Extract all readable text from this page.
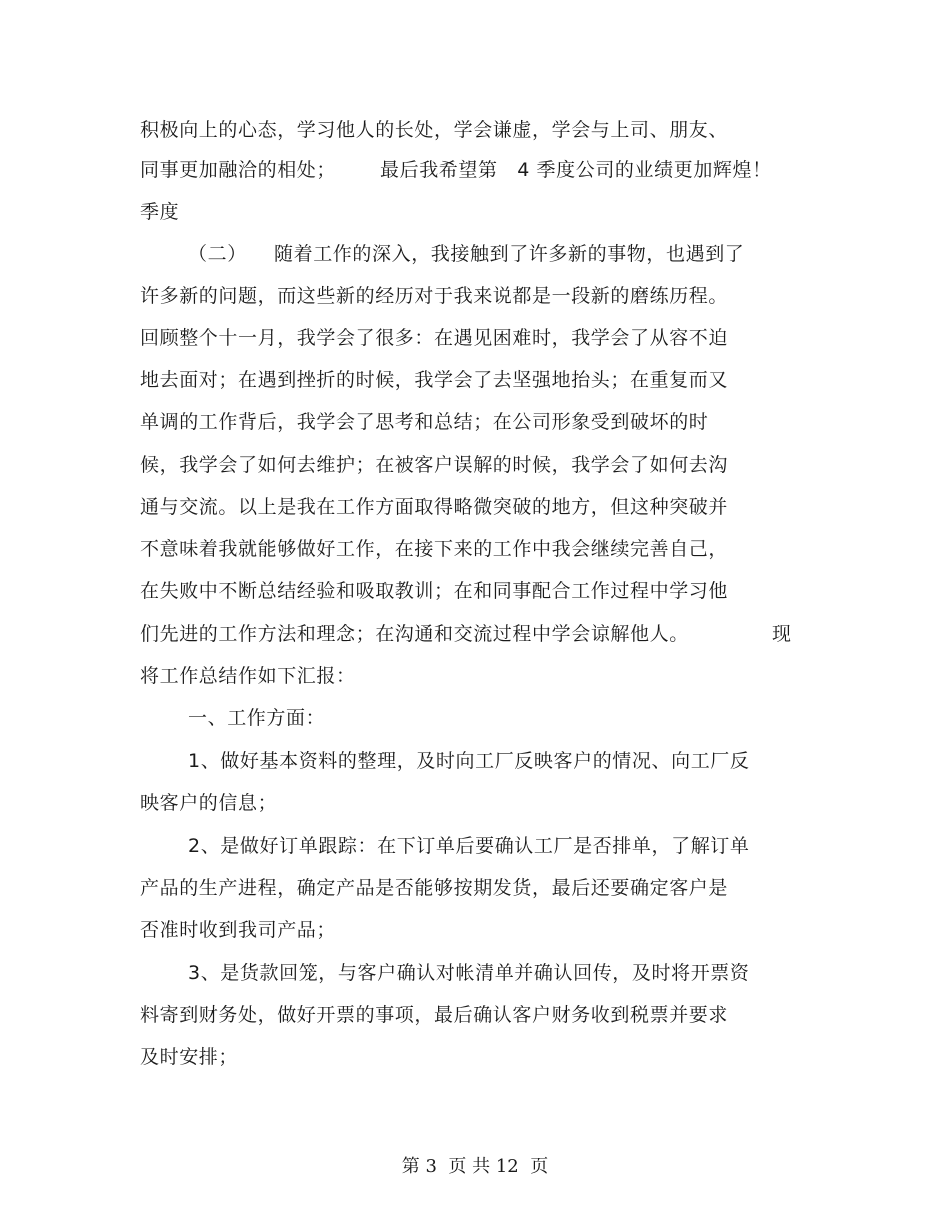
积极向上的心态，学习他人的长处，学会谦虚，学会与上司、朋友、
同事更加融洽的相处； 最后我希望第　4 季度公司的业绩更加辉煌！
季度
（二） 随着工作的深入，我接触到了许多新的事物，也遇到了
许多新的问题，而这些新的经历对于我来说都是一段新的磨练历程。
回顾整个十一月，我学会了很多：在遇见困难时，我学会了从容不迫
地去面对；在遇到挫折的时候，我学会了去坚强地抬头；在重复而又
单调的工作背后，我学会了思考和总结；在公司形象受到破坏的时
候，我学会了如何去维护；在被客户误解的时候，我学会了如何去沟
通与交流。以上是我在工作方面取得略微突破的地方，但这种突破并
不意味着我就能够做好工作，在接下来的工作中我会继续完善自己，
在失败中不断总结经验和吸取教训；在和同事配合工作过程中学习他
们先进的工作方法和理念；在沟通和交流过程中学会谅解他人。	现
将工作总结作如下汇报：
一、工作方面：
1、做好基本资料的整理，及时向工厂反映客户的情况、向工厂反
映客户的信息；
2、是做好订单跟踪：在下订单后要确认工厂是否排单，了解订单
产品的生产进程，确定产品是否能够按期发货，最后还要确定客户是
否准时收到我司产品；
3、是货款回笼，与客户确认对帐清单并确认回传，及时将开票资
料寄到财务处，做好开票的事项，最后确认客户财务收到税票并要求
及时安排；
第 3  页 共 12  页
